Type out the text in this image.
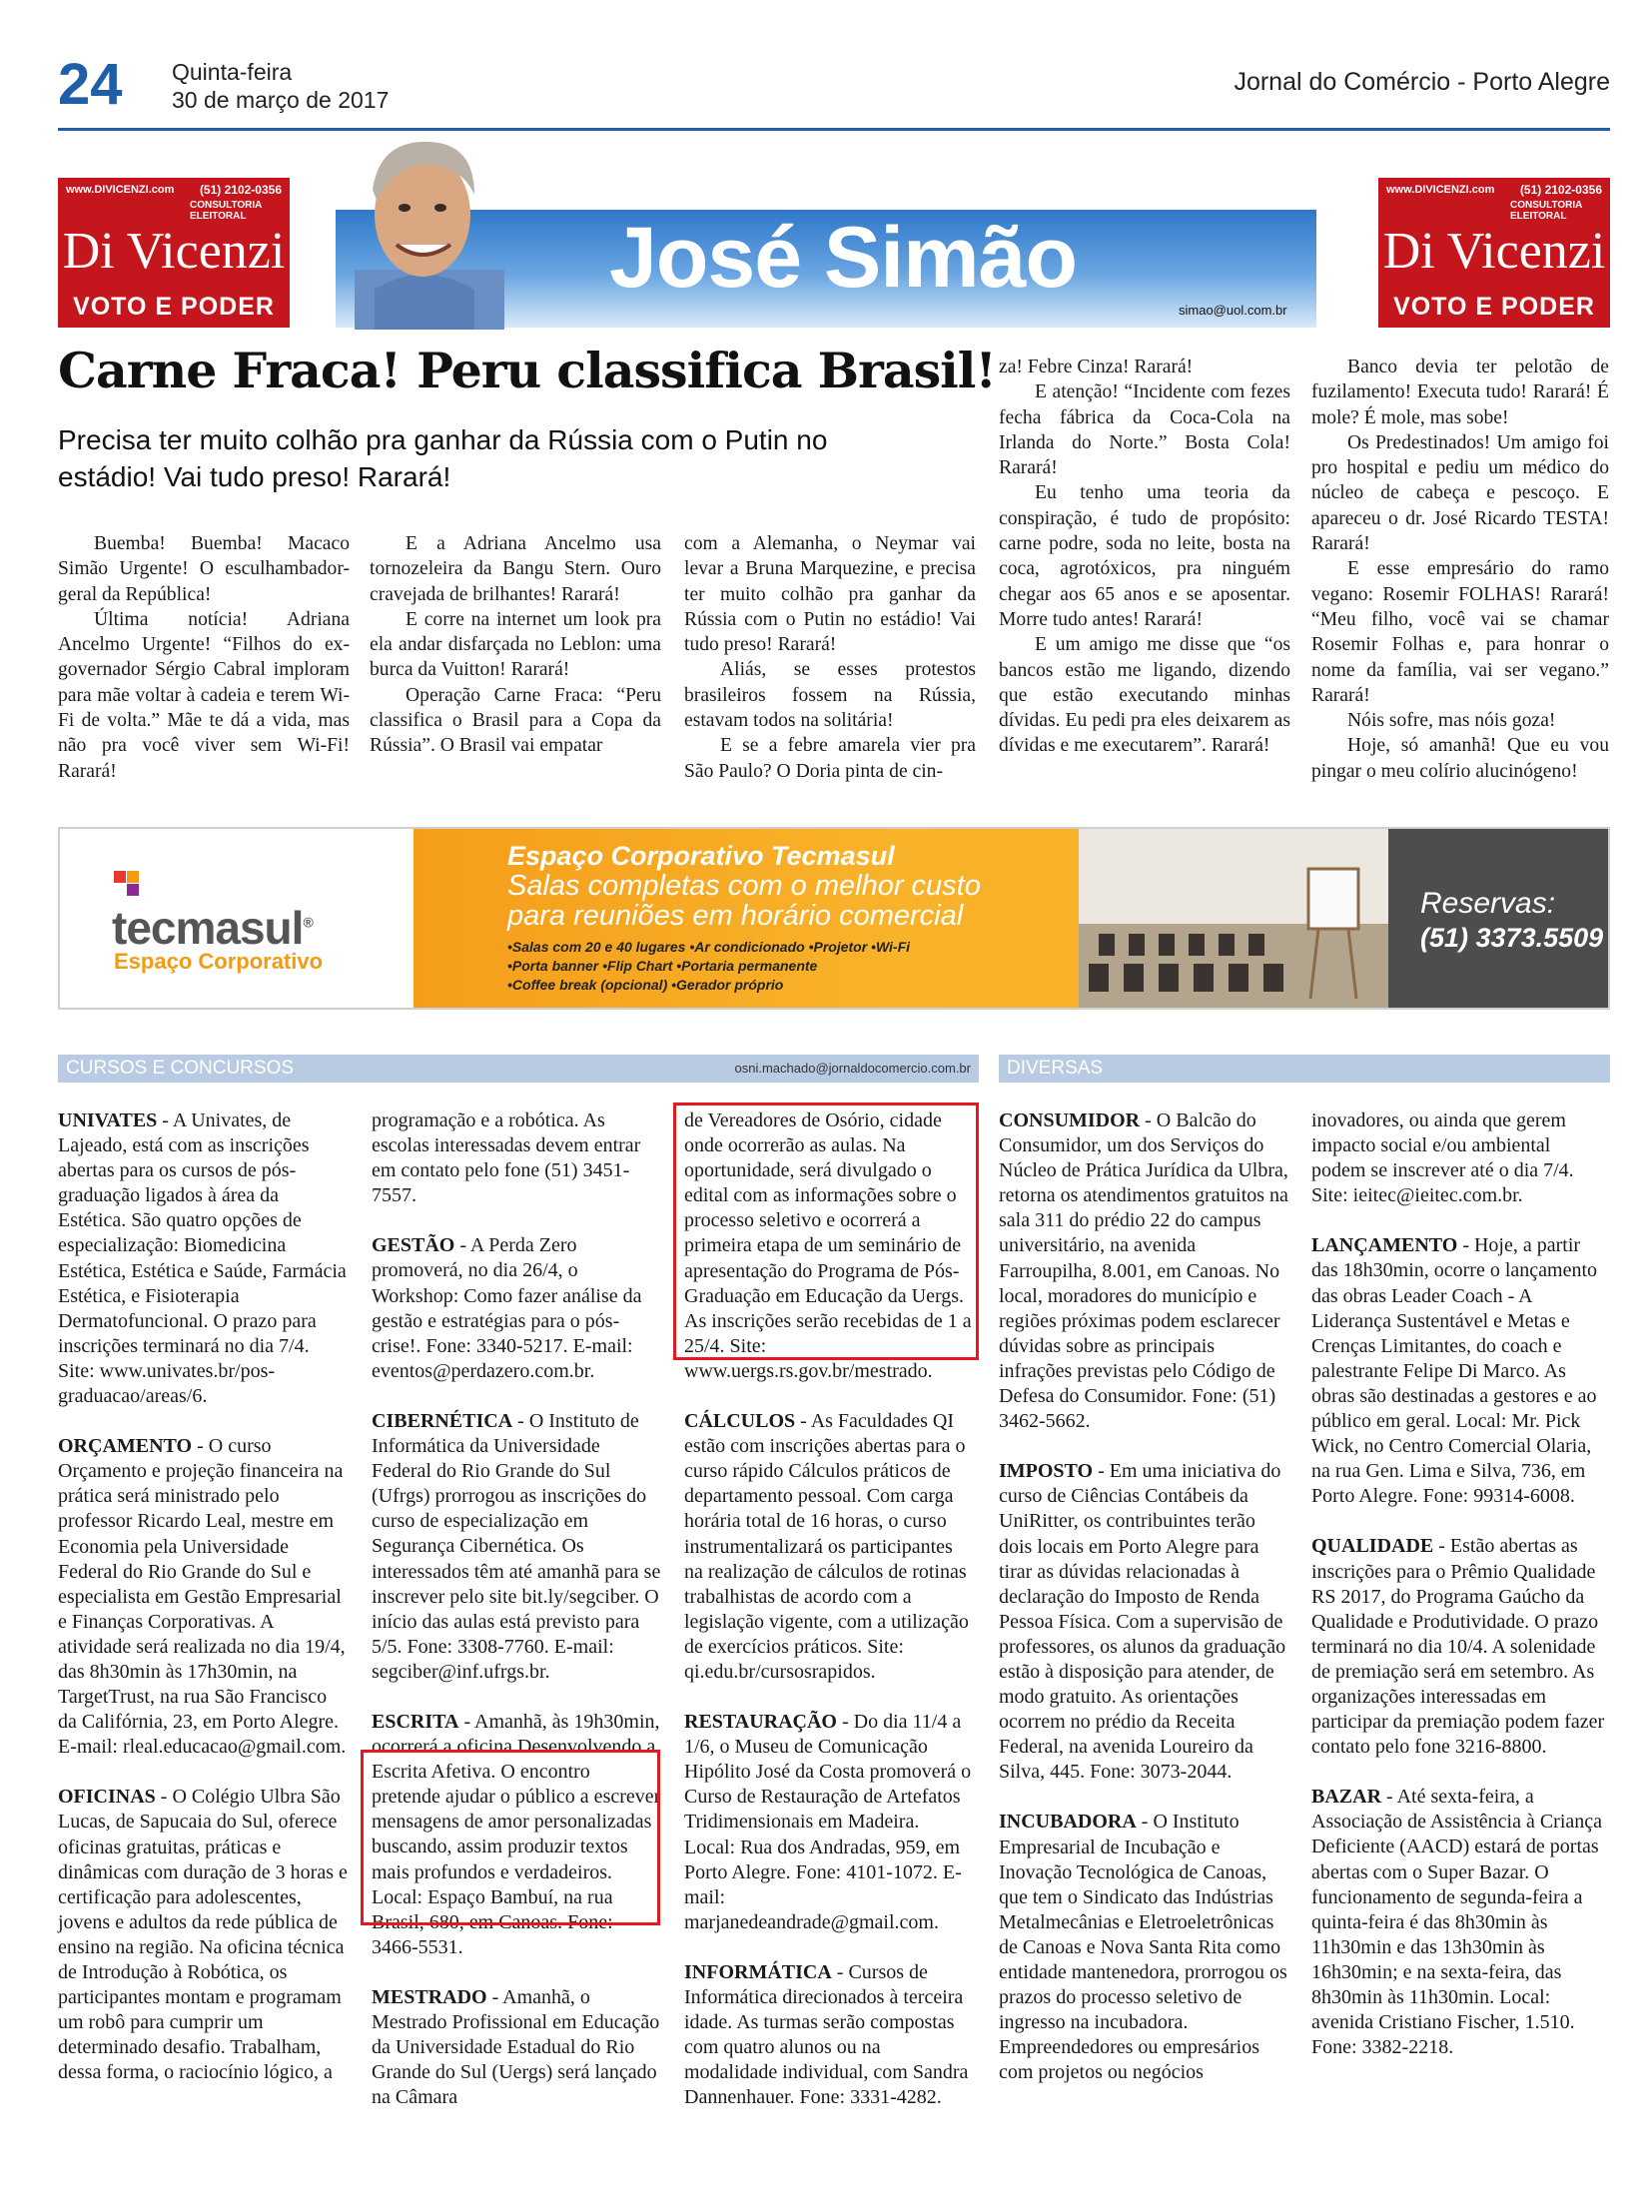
24 Quinta-feira
30 de março de 2017
Jornal do Comércio - Porto Alegre
www.DIVICENZI.com (51) 2102-0356
CONSULTORIA
ELEITORAL
Di Vicenzi
VOTO E PODER
José Simão
simao@uol.com.br
www.DIVICENZI.com (51) 2102-0356
CONSULTORIA
ELEITORAL
Di Vicenzi
VOTO E PODER
Carne Fraca! Peru classifica Brasil!
Precisa ter muito colhão pra ganhar da Rússia com o Putin no estádio! Vai tudo preso! Rarará!

Buemba! Buemba! Macaco Simão Urgente! O esculhambador-geral da República!

Última notícia! Adriana Ancelmo Urgente! “Filhos do ex-governador Sérgio Cabral imploram para mãe voltar à cadeia e terem Wi-Fi de volta.” Mãe te dá a vida, mas não pra você viver sem Wi-Fi! Rarará!

E a Adriana Ancelmo usa tornozeleira da Bangu Stern. Ouro cravejada de brilhantes! Rarará!

E corre na internet um look pra ela andar disfarçada no Leblon: uma burca da Vuitton! Rarará!

Operação Carne Fraca: “Peru classifica o Brasil para a Copa da Rússia”. O Brasil vai empatar

com a Alemanha, o Neymar vai levar a Bruna Marquezine, e precisa ter muito colhão pra ganhar da Rússia com o Putin no estádio! Vai tudo preso! Rarará!

Aliás, se esses protestos brasileiros fossem na Rússia, estavam todos na solitária!

E se a febre amarela vier pra São Paulo? O Doria pinta de cin-

za! Febre Cinza! Rarará!

E atenção! “Incidente com fezes fecha fábrica da Coca-Cola na Irlanda do Norte.” Bosta Cola! Rarará!

Eu tenho uma teoria da conspiração, é tudo de propósito: carne podre, soda no leite, bosta na coca, agrotóxicos, pra ninguém chegar aos 65 anos e se aposentar. Morre tudo antes! Rarará!

E um amigo me disse que “os bancos estão me ligando, dizendo que estão executando minhas dívidas. Eu pedi pra eles deixarem as dívidas e me executarem”. Rarará!

Banco devia ter pelotão de fuzilamento! Executa tudo! Rarará! É mole? É mole, mas sobe!

Os Predestinados! Um amigo foi pro hospital e pediu um médico do núcleo de cabeça e pescoço. E apareceu o dr. José Ricardo TESTA! Rarará!

E esse empresário do ramo vegano: Rosemir FOLHAS! Rarará! “Meu filho, você vai se chamar Rosemir Folhas e, para honrar o nome da família, vai ser vegano.” Rarará!

Nóis sofre, mas nóis goza!

Hoje, só amanhã! Que eu vou pingar o meu colírio alucinógeno!

tecmasul®
Espaço Corporativo
Espaço Corporativo Tecmasul
Salas completas com o melhor custo
para reuniões em horário comercial
•Salas com 20 e 40 lugares •Ar condicionado •Projetor •Wi-Fi
•Porta banner •Flip Chart •Portaria permanente
•Coffee break (opcional) •Gerador próprio
Reservas:
(51) 3373.5509
CURSOS E CONCURSOS	osni.machado@jornaldocomercio.com.br	DIVERSAS

UNIVATES - A Univates, de Lajeado, está com as inscrições abertas para os cursos de pós-graduação ligados à área da Estética. São quatro opções de especialização: Biomedicina Estética, Estética e Saúde, Farmácia Estética, e Fisioterapia Dermatofuncional. O prazo para inscrições terminará no dia 7/4. Site: www.univates.br/pos-graduacao/areas/6.

ORÇAMENTO - O curso Orçamento e projeção financeira na prática será ministrado pelo professor Ricardo Leal, mestre em Economia pela Universidade Federal do Rio Grande do Sul e especialista em Gestão Empresarial e Finanças Corporativas. A atividade será realizada no dia 19/4, das 8h30min às 17h30min, na TargetTrust, na rua São Francisco da Califórnia, 23, em Porto Alegre. E-mail: rleal.educacao@gmail.com.

OFICINAS - O Colégio Ulbra São Lucas, de Sapucaia do Sul, oferece oficinas gratuitas, práticas e dinâmicas com duração de 3 horas e certificação para adolescentes, jovens e adultos da rede pública de ensino na região. Na oficina técnica de Introdução à Robótica, os participantes montam e programam um robô para cumprir um determinado desafio. Trabalham, dessa forma, o raciocínio lógico, a

programação e a robótica. As escolas interessadas devem entrar em contato pelo fone (51) 3451-7557.

GESTÃO - A Perda Zero promoverá, no dia 26/4, o Workshop: Como fazer análise da gestão e estratégias para o pós-crise!. Fone: 3340-5217. E-mail: eventos@perdazero.com.br.

CIBERNÉTICA - O Instituto de Informática da Universidade Federal do Rio Grande do Sul (Ufrgs) prorrogou as inscrições do curso de especialização em Segurança Cibernética. Os interessados têm até amanhã para se inscrever pelo site bit.ly/segciber. O início das aulas está previsto para 5/5. Fone: 3308-7760. E-mail: segciber@inf.ufrgs.br.

ESCRITA - Amanhã, às 19h30min, ocorrerá a oficina Desenvolvendo a Escrita Afetiva. O encontro pretende ajudar o público a escrever mensagens de amor personalizadas buscando, assim produzir textos mais profundos e verdadeiros. Local: Espaço Bambuí, na rua Brasil, 680, em Canoas. Fone: 3466-5531.

MESTRADO - Amanhã, o Mestrado Profissional em Educação da Universidade Estadual do Rio Grande do Sul (Uergs) será lançado na Câmara

de Vereadores de Osório, cidade onde ocorrerão as aulas. Na oportunidade, será divulgado o edital com as informações sobre o processo seletivo e ocorrerá a primeira etapa de um seminário de apresentação do Programa de Pós-Graduação em Educação da Uergs. As inscrições serão recebidas de 1 a 25/4. Site: www.uergs.rs.gov.br/mestrado.

CÁLCULOS - As Faculdades QI estão com inscrições abertas para o curso rápido Cálculos práticos de departamento pessoal. Com carga horária total de 16 horas, o curso instrumentalizará os participantes na realização de cálculos de rotinas trabalhistas de acordo com a legislação vigente, com a utilização de exercícios práticos. Site: qi.edu.br/cursosrapidos.

RESTAURAÇÃO - Do dia 11/4 a 1/6, o Museu de Comunicação Hipólito José da Costa promoverá o Curso de Restauração de Artefatos Tridimensionais em Madeira. Local: Rua dos Andradas, 959, em Porto Alegre. Fone: 4101-1072. E-mail: marjanedeandrade@gmail.com.

INFORMÁTICA - Cursos de Informática direcionados à terceira idade. As turmas serão compostas com quatro alunos ou na modalidade individual, com Sandra Dannenhauer. Fone: 3331-4282.

CONSUMIDOR - O Balcão do Consumidor, um dos Serviços do Núcleo de Prática Jurídica da Ulbra, retorna os atendimentos gratuitos na sala 311 do prédio 22 do campus universitário, na avenida Farroupilha, 8.001, em Canoas. No local, moradores do município e regiões próximas podem esclarecer dúvidas sobre as principais infrações previstas pelo Código de Defesa do Consumidor. Fone: (51) 3462-5662.

IMPOSTO - Em uma iniciativa do curso de Ciências Contábeis da UniRitter, os contribuintes terão dois locais em Porto Alegre para tirar as dúvidas relacionadas à declaração do Imposto de Renda Pessoa Física. Com a supervisão de professores, os alunos da graduação estão à disposição para atender, de modo gratuito. As orientações ocorrem no prédio da Receita Federal, na avenida Loureiro da Silva, 445. Fone: 3073-2044.

INCUBADORA - O Instituto Empresarial de Incubação e Inovação Tecnológica de Canoas, que tem o Sindicato das Indústrias Metalmecânias e Eletroeletrônicas de Canoas e Nova Santa Rita como entidade mantenedora, prorrogou os prazos do processo seletivo de ingresso na incubadora. Empreendedores ou empresários com projetos ou negócios

inovadores, ou ainda que gerem impacto social e/ou ambiental podem se inscrever até o dia 7/4. Site: ieitec@ieitec.com.br.

LANÇAMENTO - Hoje, a partir das 18h30min, ocorre o lançamento das obras Leader Coach - A Liderança Sustentável e Metas e Crenças Limitantes, do coach e palestrante Felipe Di Marco. As obras são destinadas a gestores e ao público em geral. Local: Mr. Pick Wick, no Centro Comercial Olaria, na rua Gen. Lima e Silva, 736, em Porto Alegre. Fone: 99314-6008.

QUALIDADE - Estão abertas as inscrições para o Prêmio Qualidade RS 2017, do Programa Gaúcho da Qualidade e Produtividade. O prazo terminará no dia 10/4. A solenidade de premiação será em setembro. As organizações interessadas em participar da premiação podem fazer contato pelo fone 3216-8800.

BAZAR - Até sexta-feira, a Associação de Assistência à Criança Deficiente (AACD) estará de portas abertas com o Super Bazar. O funcionamento de segunda-feira a quinta-feira é das 8h30min às 11h30min e das 13h30min às 16h30min; e na sexta-feira, das 8h30min às 11h30min. Local: avenida Cristiano Fischer, 1.510. Fone: 3382-2218.
